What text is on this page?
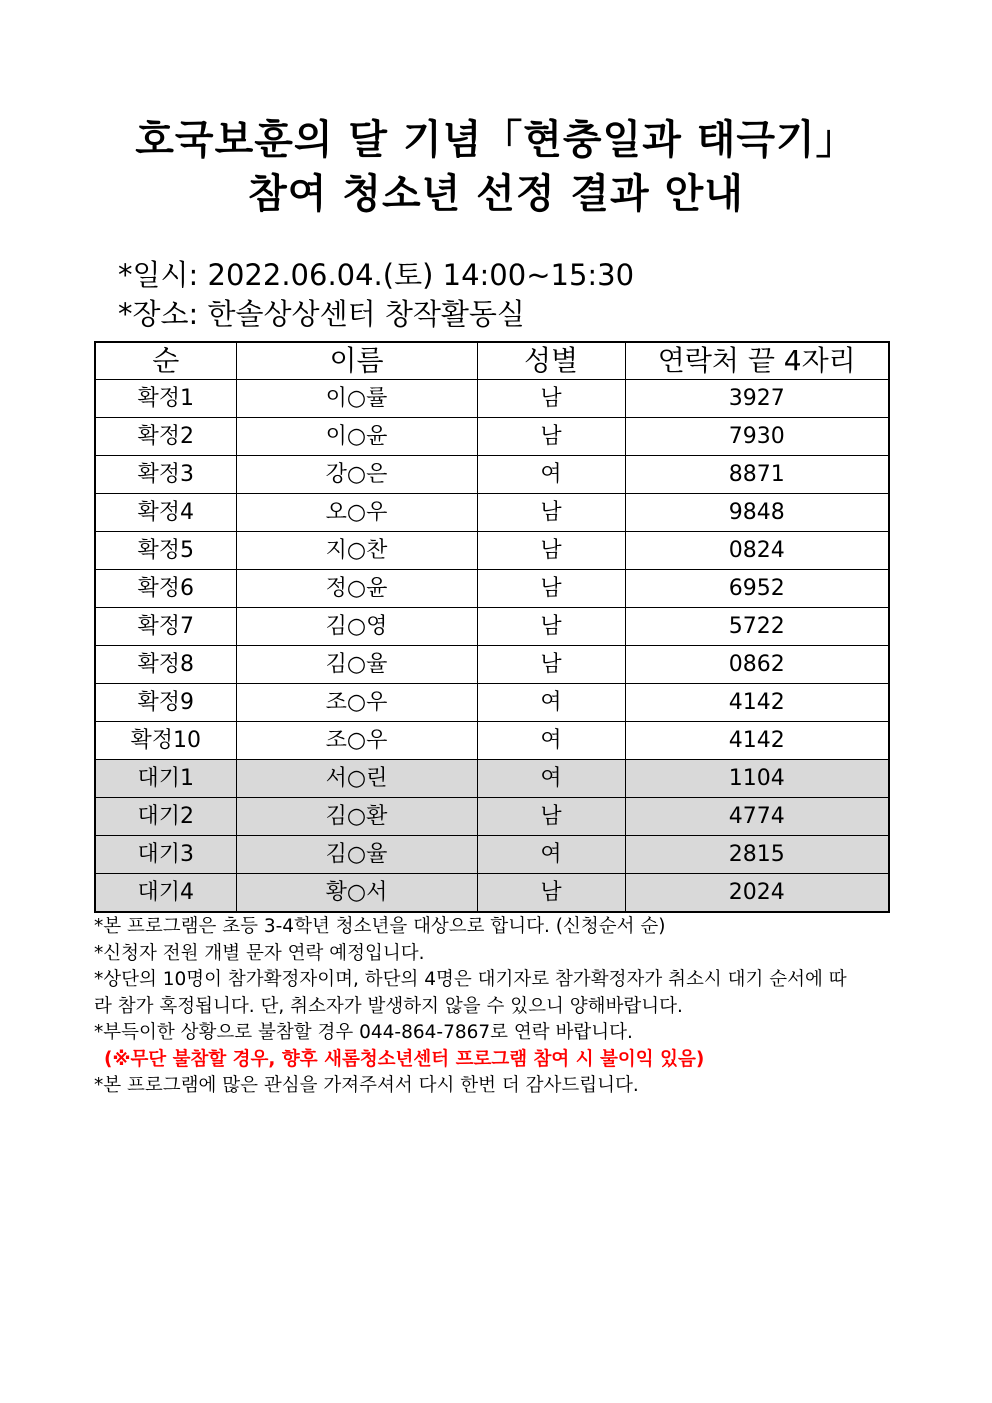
호국보훈의 달 기념「현충일과 태극기」
참여 청소년 선정 결과 안내
*일시: 2022.06.04.(토) 14:00~15:30
*장소: 한솔상상센터 창작활동실
순	이름	성별	연락처 끝 4자리
확정1	이○률	남	3927
확정2	이○윤	남	7930
확정3	강○은	여	8871
확정4	오○우	남	9848
확정5	지○찬	남	0824
확정6	정○윤	남	6952
확정7	김○영	남	5722
확정8	김○율	남	0862
확정9	조○우	여	4142
확정10	조○우	여	4142
대기1	서○린	여	1104
대기2	김○환	남	4774
대기3	김○율	여	2815
대기4	황○서	남	2024
*본 프로그램은 초등 3-4학년 청소년을 대상으로 합니다. (신청순서 순)
*신청자 전원 개별 문자 연락 예정입니다.
*상단의 10명이 참가확정자이며, 하단의 4명은 대기자로 참가확정자가 취소시 대기 순서에 따
라 참가 혹정됩니다. 단, 취소자가 발생하지 않을 수 있으니 양해바랍니다.
*부득이한 상황으로 불참할 경우 044-864-7867로 연락 바랍니다.
(※무단 불참할 경우, 향후 새롬청소년센터 프로그램 참여 시 불이익 있음)
*본 프로그램에 많은 관심을 가져주셔서 다시 한번 더 감사드립니다.
